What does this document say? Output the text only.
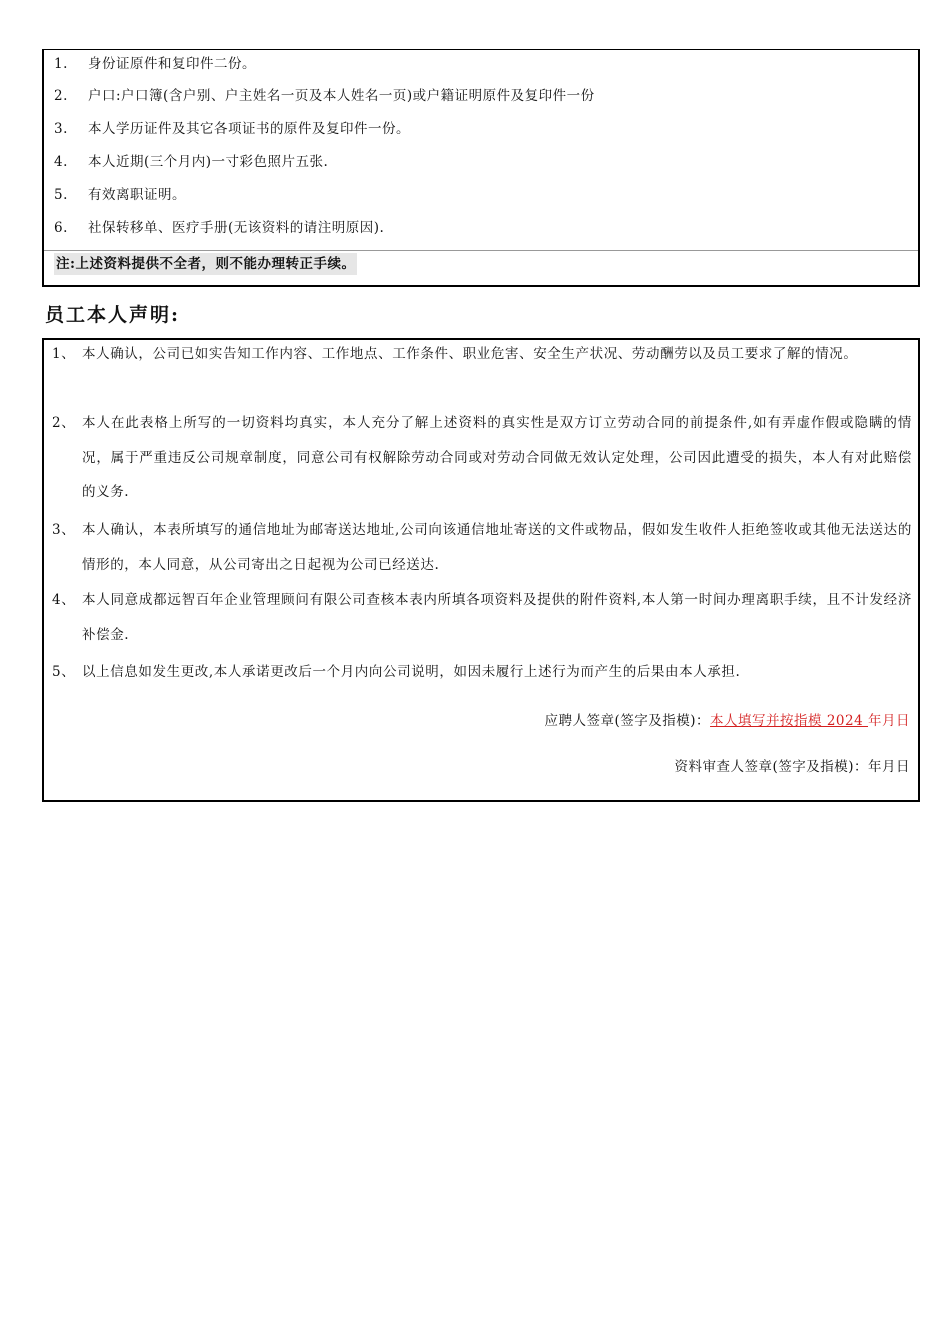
1. 身份证原件和复印件二份。
2. 户口:户口簿(含户别、户主姓名一页及本人姓名一页)或户籍证明原件及复印件一份
3. 本人学历证件及其它各项证书的原件及复印件一份。
4. 本人近期(三个月内)一寸彩色照片五张.
5. 有效离职证明。
6. 社保转移单、医疗手册(无该资料的请注明原因).
注:上述资料提供不全者，则不能办理转正手续。
员工本人声明:
1、 本人确认，公司已如实告知工作内容、工作地点、工作条件、职业危害、安全生产状况、劳动酬劳以及员工要求了解的情况。
2、 本人在此表格上所写的一切资料均真实，本人充分了解上述资料的真实性是双方订立劳动合同的前提条件,如有弄虚作假或隐瞒的情况，属于严重违反公司规章制度，同意公司有权解除劳动合同或对劳动合同做无效认定处理，公司因此遭受的损失，本人有对此赔偿的义务.
3、 本人确认，本表所填写的通信地址为邮寄送达地址,公司向该通信地址寄送的文件或物品，假如发生收件人拒绝签收或其他无法送达的情形的，本人同意，从公司寄出之日起视为公司已经送达.
4、 本人同意成都远智百年企业管理顾问有限公司查核本表内所填各项资料及提供的附件资料,本人第一时间办理离职手续，且不计发经济补偿金.
5、 以上信息如发生更改,本人承诺更改后一个月内向公司说明，如因未履行上述行为而产生的后果由本人承担.
应聘人签章(签字及指模)：本人填写并按指模 2024 年月日
资料审查人签章(签字及指模)：年月日
